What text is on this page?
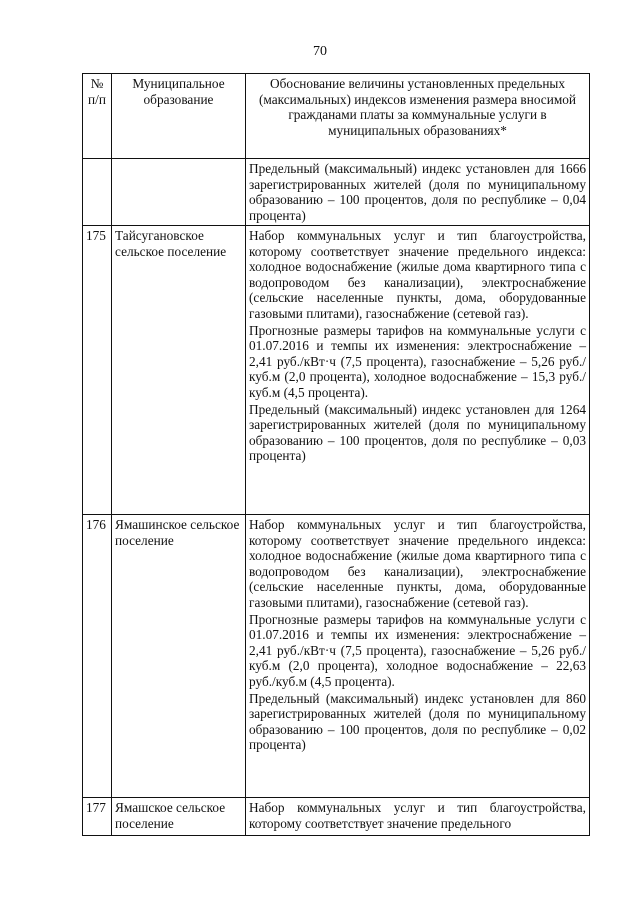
70
№ п/п	Муниципальное образование	Обоснование величины установленных предельных (максимальных) индексов изменения размера вносимой гражданами платы за коммунальные услуги в муниципальных образованиях*

		Предельный (максимальный) индекс установлен для 1666 зарегистрированных жителей (доля по муниципальному образованию – 100 процентов, доля по республике – 0,04 процента)

175	Тайсугановское сельское поселение	Набор коммунальных услуг и тип благоустройства, которому соответствует значение предельного индекса: холодное водоснабжение (жилые дома квартирного типа с водопроводом без канализации), электроснабжение (сельские населенные пункты, дома, оборудованные газовыми плитами), газоснабжение (сетевой газ).

Прогнозные размеры тарифов на коммунальные услуги с 01.07.2016 и темпы их изменения: электроснабжение – 2,41 руб./кВт·ч (7,5 процента), газоснабжение – 5,26 руб./куб.м (2,0 процента), холодное водоснабжение – 15,3 руб./куб.м (4,5 процента).

Предельный (максимальный) индекс установлен для 1264 зарегистрированных жителей (доля по муниципальному образованию – 100 процентов, доля по республике – 0,03 процента)

176	Ямашинское сельское поселение	Набор коммунальных услуг и тип благоустройства, которому соответствует значение предельного индекса: холодное водоснабжение (жилые дома квартирного типа с водопроводом без канализации), электроснабжение (сельские населенные пункты, дома, оборудованные газовыми плитами), газоснабжение (сетевой газ).

Прогнозные размеры тарифов на коммунальные услуги с 01.07.2016 и темпы их изменения: электроснабжение – 2,41 руб./кВт·ч (7,5 процента), газоснабжение – 5,26 руб./куб.м (2,0 процента), холодное водоснабжение – 22,63 руб./куб.м (4,5 процента).

Предельный (максимальный) индекс установлен для 860 зарегистрированных жителей (доля по муниципальному образованию – 100 процентов, доля по республике – 0,02 процента)

177	Ямашское сельское поселение	Набор коммунальных услуг и тип благоустройства, которому соответствует значение предельного
